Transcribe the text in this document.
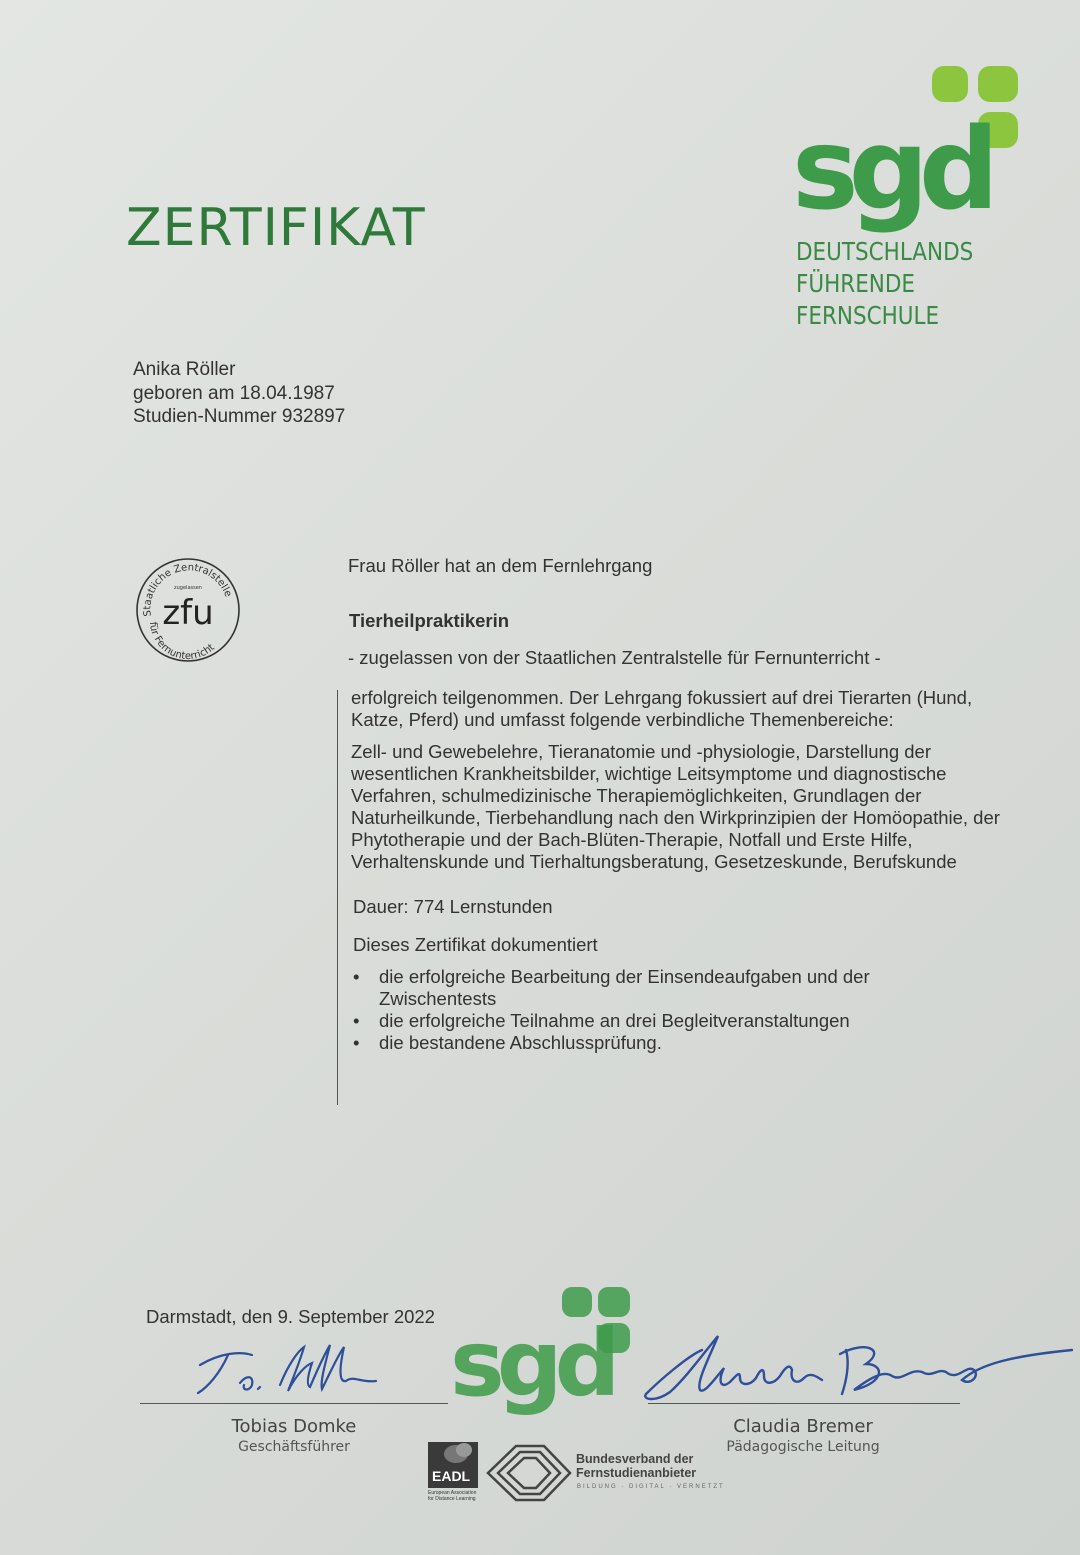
ZERTIFIKAT	sgd
DEUTSCHLANDS
FÜHRENDE FERNSCHULE
Anika Röller
geboren am 18.04.1987
Studien-Nummer 932897
Staatliche Zentralstelle
zugelassen
zfu
für Fernunterricht
Frau Röller hat an dem Fernlehrgang
Tierheilpraktikerin
- zugelassen von der Staatlichen Zentralstelle für Fernunterricht -
erfolgreich teilgenommen. Der Lehrgang fokussiert auf drei Tierarten (Hund, Katze, Pferd) und umfasst folgende verbindliche Themenbereiche:
Zell- und Gewebelehre, Tieranatomie und -physiologie, Darstellung der wesentlichen Krankheitsbilder, wichtige Leitsymptome und diagnostische Verfahren, schulmedizinische Therapiemöglichkeiten, Grundlagen der Naturheilkunde, Tierbehandlung nach den Wirkprinzipien der Homöopathie, der Phytotherapie und der Bach-Blüten-Therapie, Notfall und Erste Hilfe, Verhaltenskunde und Tierhaltungsberatung, Gesetzeskunde, Berufskunde
Dauer: 774 Lernstunden
Dieses Zertifikat dokumentiert
• die erfolgreiche Bearbeitung der Einsendeaufgaben und der Zwischentests
• die erfolgreiche Teilnahme an drei Begleitveranstaltungen
• die bestandene Abschlussprüfung.
Darmstadt, den 9. September 2022 sgd
Tobias Domke
Geschäftsführer
Claudia Bremer
Pädagogische Leitung
EADL
European Association for Distance Learning
Bundesverband der
Fernstudienanbieter
BILDUNG · DIGITAL · VERNETZT
